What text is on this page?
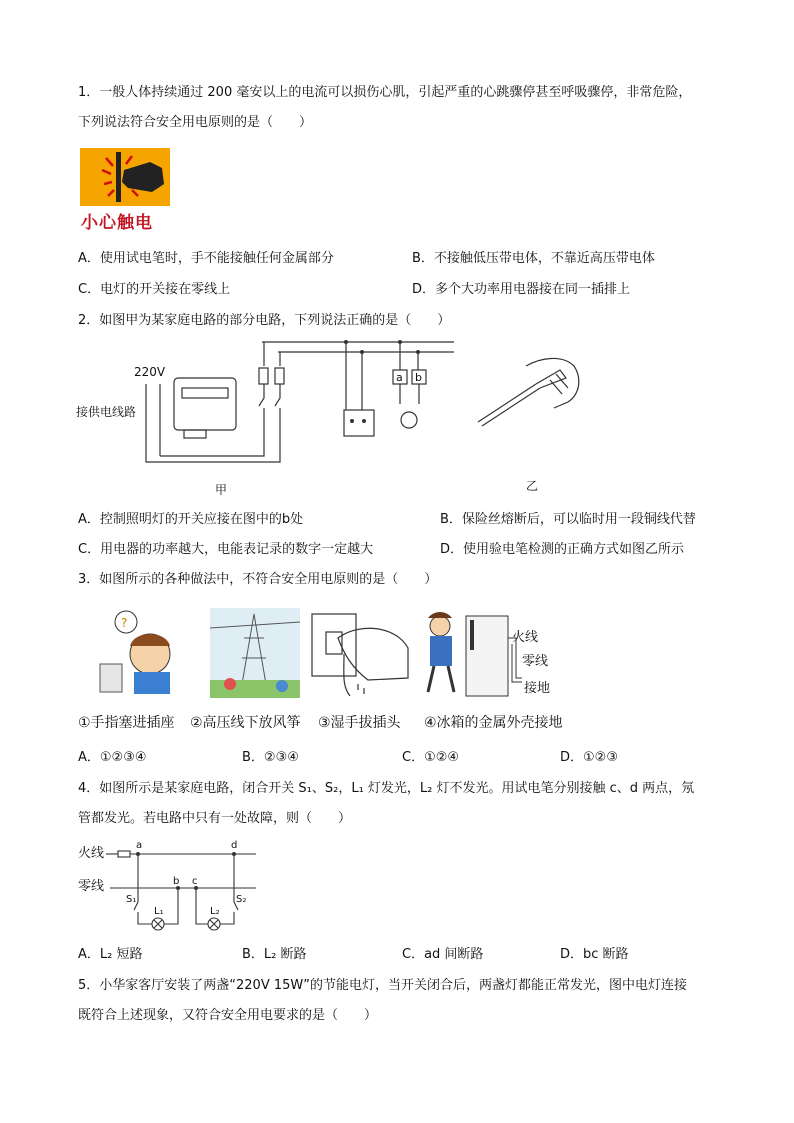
1．一般人体持续通过 200 毫安以上的电流可以损伤心肌，引起严重的心跳骤停甚至呼吸骤停，非常危险，
下列说法符合安全用电原则的是（　　）
小心触电
A．使用试电笔时，手不能接触任何金属部分	B．不接触低压带电体，不靠近高压带电体
C．电灯的开关接在零线上	D．多个大功率用电器接在同一插排上
2．如图甲为某家庭电路的部分电路，下列说法正确的是（　　）
220V
接供电线路
a b
甲	乙
A．控制照明灯的开关应接在图中的b处	B．保险丝熔断后，可以临时用一段铜线代替
C．用电器的功率越大，电能表记录的数字一定越大	D．使用验电笔检测的正确方式如图乙所示
3．如图所示的各种做法中，不符合安全用电原则的是（　　）
?
火线
零线
接地
①手指塞进插座 ②高压线下放风筝 ③湿手拔插头 ④冰箱的金属外壳接地
A．①②③④	B．②③④	C．①②④	D．①②③
4．如图所示是某家庭电路，闭合开关 S₁、S₂，L₁ 灯发光，L₂ 灯不发光。用试电笔分别接触 c、d 两点，氖
管都发光。若电路中只有一处故障，则（　　）
火线
零线
a	d
b c
S₁	S₂
L₁	L₂
A．L₂ 短路	B．L₂ 断路	C．ad 间断路	D．bc 断路
5．小华家客厅安装了两盏“220V 15W”的节能电灯，当开关闭合后，两盏灯都能正常发光，图中电灯连接
既符合上述现象，又符合安全用电要求的是（　　）
